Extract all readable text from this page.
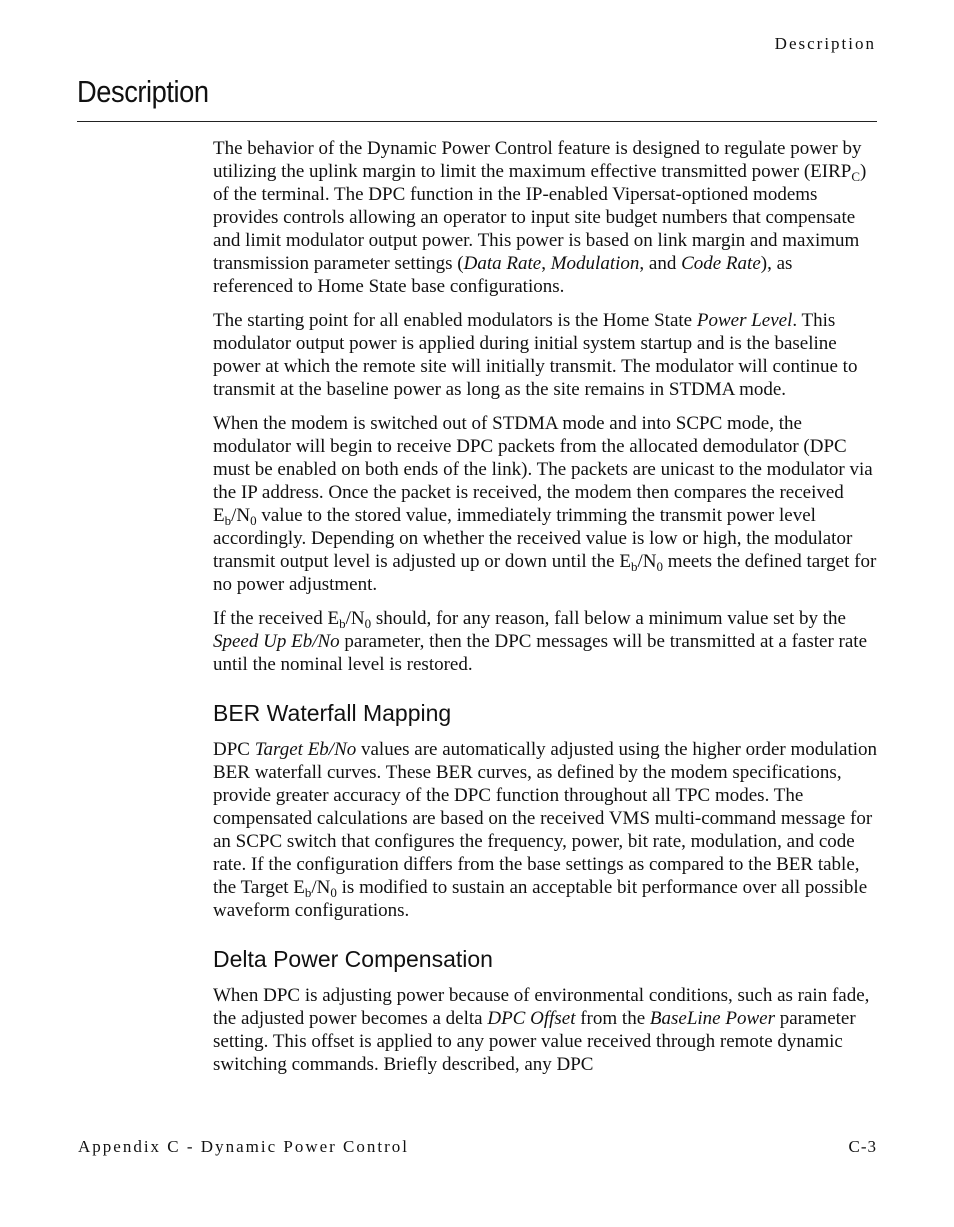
Description
Description

The behavior of the Dynamic Power Control feature is designed to regulate power by utilizing the uplink margin to limit the maximum effective transmitted power $(EIRP_C)$ of the terminal. The DPC function in the IP-enabled Vipersat-optioned modems provides controls allowing an operator to input site budget numbers that compensate and limit modulator output power. This power is based on link margin and maximum transmission parameter settings (Data Rate, Modulation, and Code Rate), as referenced to Home State base configurations.

The starting point for all enabled modulators is the Home State Power Level. This modulator output power is applied during initial system startup and is the baseline power at which the remote site will initially transmit. The modulator will continue to transmit at the baseline power as long as the site remains in STDMA mode.

When the modem is switched out of STDMA mode and into SCPC mode, the modulator will begin to receive DPC packets from the allocated demodulator (DPC must be enabled on both ends of the link). The packets are unicast to the modulator via the IP address. Once the packet is received, the modem then compares the received $E_b/N_0$ value to the stored value, immediately trimming the transmit power level accordingly. Depending on whether the received value is low or high, the modulator transmit output level is adjusted up or down until the $E_b/N_0$ meets the defined target for no power adjustment.

If the received $E_b/N_0$ should, for any reason, fall below a minimum value set by the Speed Up Eb/No parameter, then the DPC messages will be transmitted at a faster rate until the nominal level is restored.

BER Waterfall Mapping

DPC Target Eb/No values are automatically adjusted using the higher order modulation BER waterfall curves. These BER curves, as defined by the modem specifications, provide greater accuracy of the DPC function throughout all TPC modes. The compensated calculations are based on the received VMS multi-command message for an SCPC switch that configures the frequency, power, bit rate, modulation, and code rate. If the configuration differs from the base settings as compared to the BER table, the Target $E_b/N_0$ is modified to sustain an acceptable bit performance over all possible waveform configurations.

Delta Power Compensation

When DPC is adjusting power because of environmental conditions, such as rain fade, the adjusted power becomes a delta DPC Offset from the BaseLine Power parameter setting. This offset is applied to any power value received through remote dynamic switching commands. Briefly described, any DPC

Appendix C - Dynamic Power Control	C-3
